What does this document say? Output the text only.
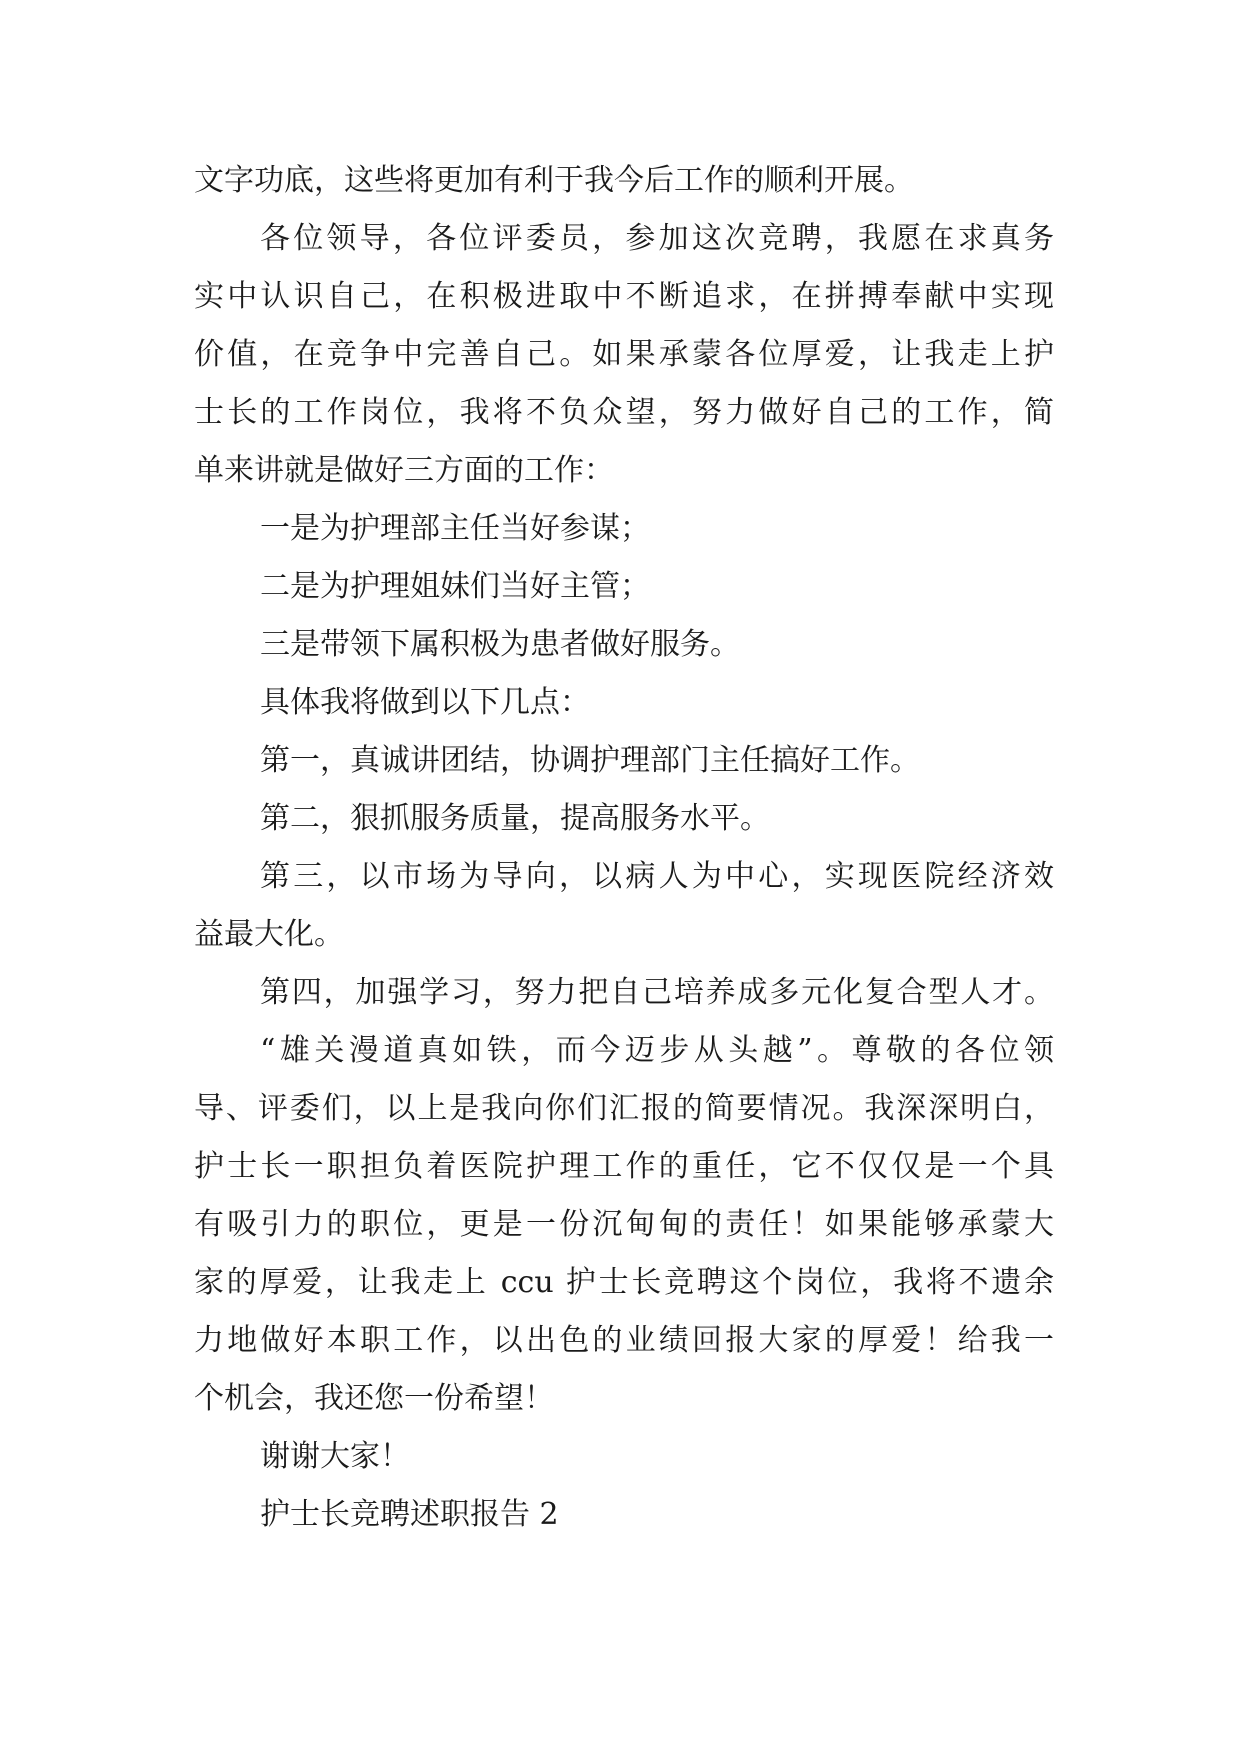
文字功底，这些将更加有利于我今后工作的顺利开展。
各位领导，各位评委员，参加这次竞聘，我愿在求真务
实中认识自己，在积极进取中不断追求，在拼搏奉献中实现
价值，在竞争中完善自己。如果承蒙各位厚爱，让我走上护
士长的工作岗位，我将不负众望，努力做好自己的工作，简
单来讲就是做好三方面的工作：
一是为护理部主任当好参谋；
二是为护理姐妹们当好主管；
三是带领下属积极为患者做好服务。
具体我将做到以下几点：
第一，真诚讲团结，协调护理部门主任搞好工作。
第二，狠抓服务质量，提高服务水平。
第三，以市场为导向，以病人为中心，实现医院经济效
益最大化。
第四，加强学习，努力把自己培养成多元化复合型人才。
“雄关漫道真如铁，而今迈步从头越”。尊敬的各位领
导、评委们，以上是我向你们汇报的简要情况。我深深明白，
护士长一职担负着医院护理工作的重任，它不仅仅是一个具
有吸引力的职位，更是一份沉甸甸的责任！如果能够承蒙大
家的厚爱，让我走上 ccu 护士长竞聘这个岗位，我将不遗余
力地做好本职工作，以出色的业绩回报大家的厚爱！给我一
个机会，我还您一份希望！
谢谢大家！
护士长竞聘述职报告 2
